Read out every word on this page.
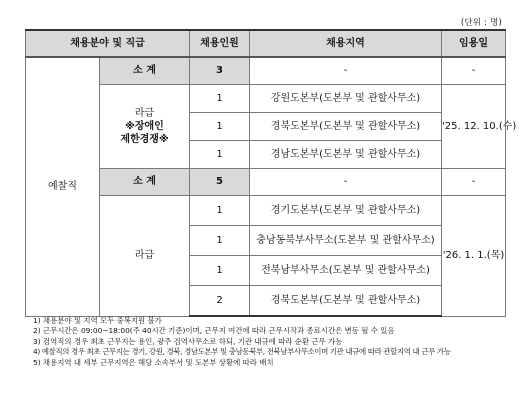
(단위 : 명)
채용분야 및 직급		채용인원	채용지역	임용일
예찰직	소 계	3	-	-

	라급
※장애인
제한경쟁※	1	강원도본부(도본부 및 관할사무소)	'25. 12. 10.(수)
		1	경북도본부(도본부 및 관할사무소)	
		1	경남도본부(도본부 및 관할사무소)	
	소 계	5	-	-
	라급	1	경기도본부(도본부 및 관할사무소)	'26. 1. 1.(목)
		1	충남동북부사무소(도본부 및 관할사무소)	
		1	전북남부사무소(도본부 및 관할사무소)	
		2	경북도본부(도본부 및 관할사무소)	
1) 채용분야 및 지역 모두 중복지원 불가
2) 근무시간은 09:00~18:00(주 40시간 기준)이며, 근무지 여건에 따라 근무시작과 종료시간은 변동 될 수 있음
3) 검역직의 경우 최초 근무지는 용인, 광주 검역사무소로 하되, 기관 내규에 따라 순환 근무 가능
4) 예찰직의 경우 최초 근무지는 경기, 강원, 경북, 경남도본부 및 충남동북부, 전북남부사무소이며 기관 내규에 따라 관할지역 내 근무 가능
5) 채용지역 내 세부 근무지역은 해당 소속부서 및 도본부 상황에 따라 배치
